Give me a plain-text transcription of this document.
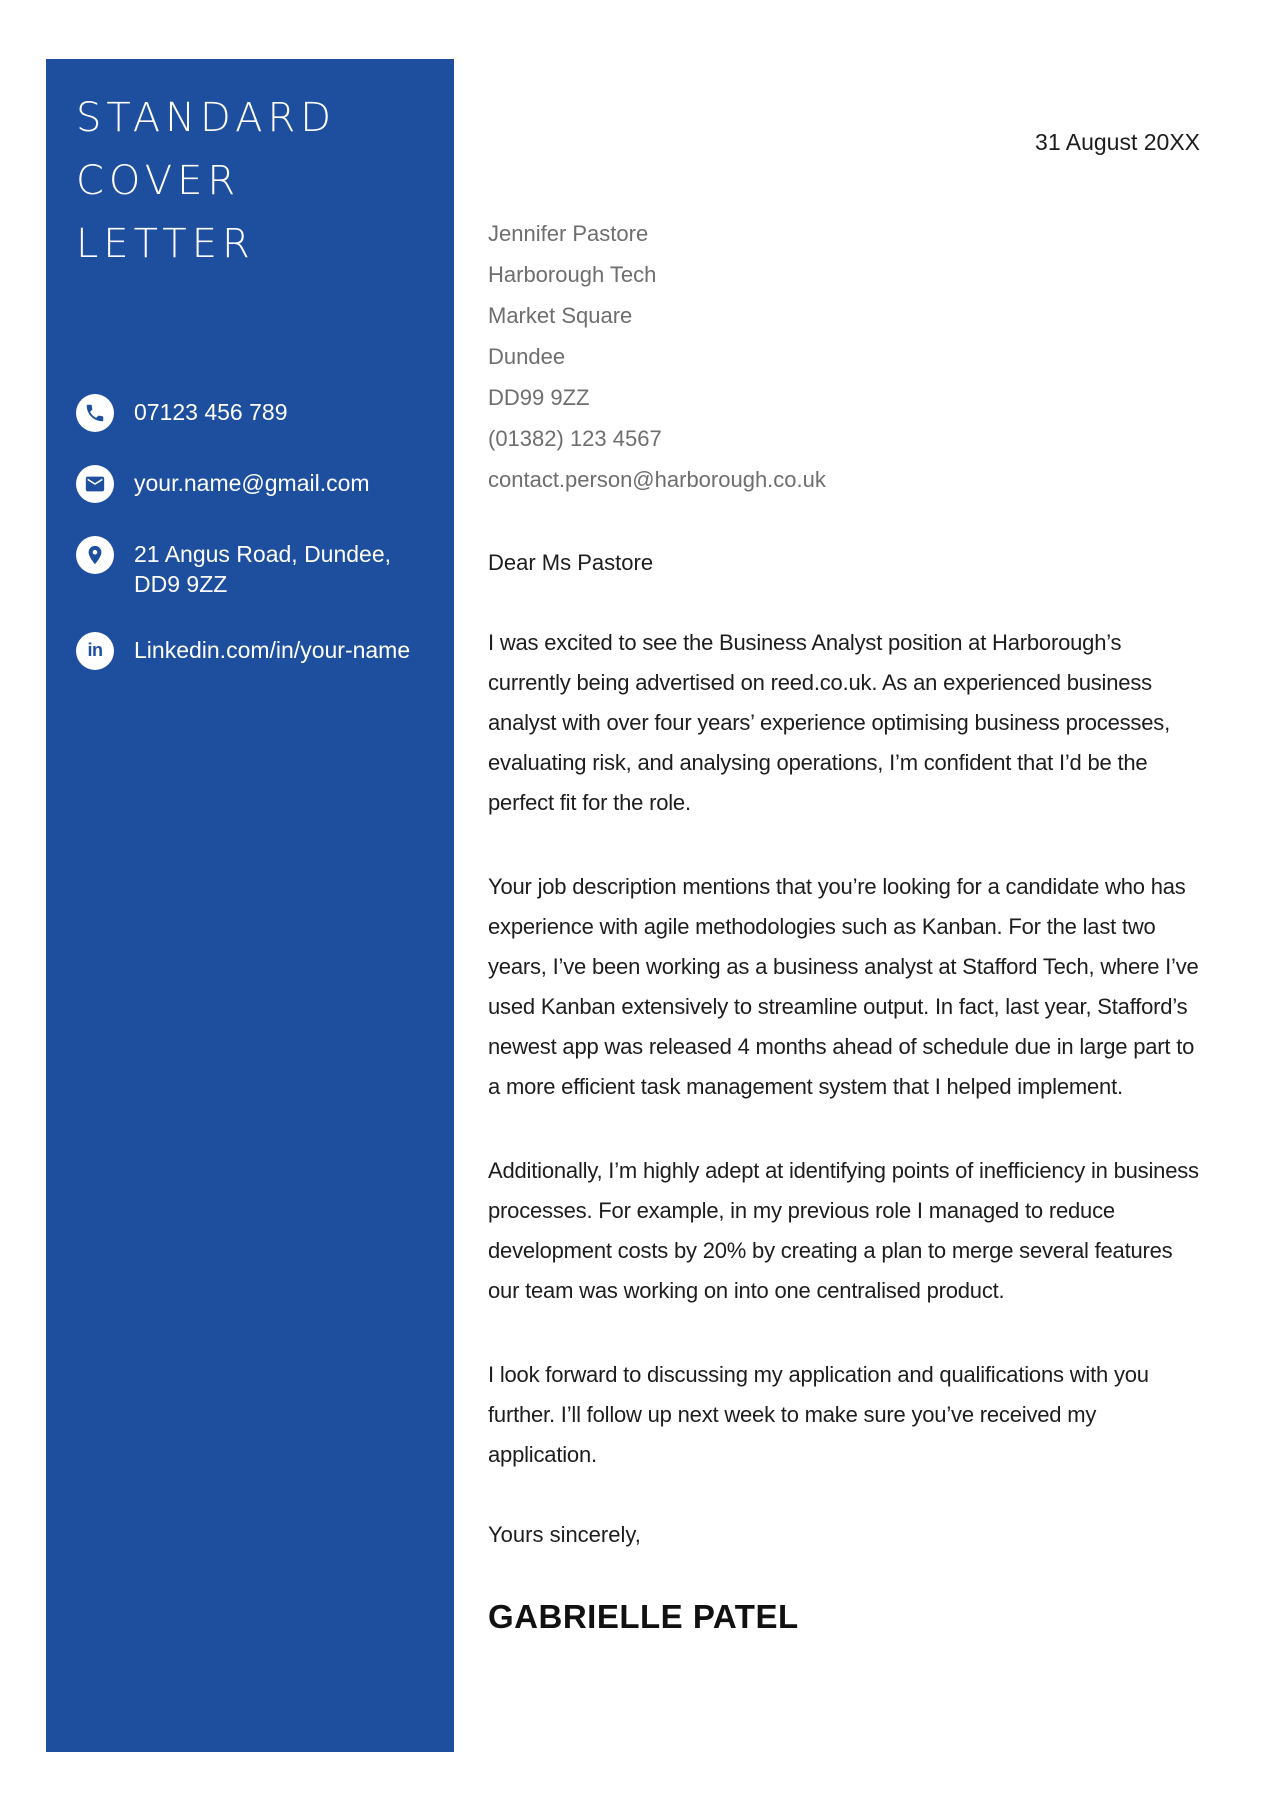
STANDARD
COVER
LETTER
07123 456 789
your.name@gmail.com
21 Angus Road, Dundee,
DD9 9ZZ
in Linkedin.com/in/your-name
31 August 20XX
Jennifer Pastore
Harborough Tech
Market Square
Dundee
DD99 9ZZ
(01382) 123 4567
contact.person@harborough.co.uk
Dear Ms Pastore

I was excited to see the Business Analyst position at Harborough’s currently being advertised on reed.co.uk. As an experienced business analyst with over four years’ experience optimising business processes, evaluating risk, and analysing operations, I’m confident that I’d be the perfect fit for the role.

Your job description mentions that you’re looking for a candidate who has experience with agile methodologies such as Kanban. For the last two years, I’ve been working as a business analyst at Stafford Tech, where I’ve used Kanban extensively to streamline output. In fact, last year, Stafford’s newest app was released 4 months ahead of schedule due in large part to a more efficient task management system that I helped implement.

Additionally, I’m highly adept at identifying points of inefficiency in business processes. For example, in my previous role I managed to reduce development costs by 20% by creating a plan to merge several features our team was working on into one centralised product.

I look forward to discussing my application and qualifications with you further. I’ll follow up next week to make sure you’ve received my application.

Yours sincerely,
GABRIELLE PATEL
